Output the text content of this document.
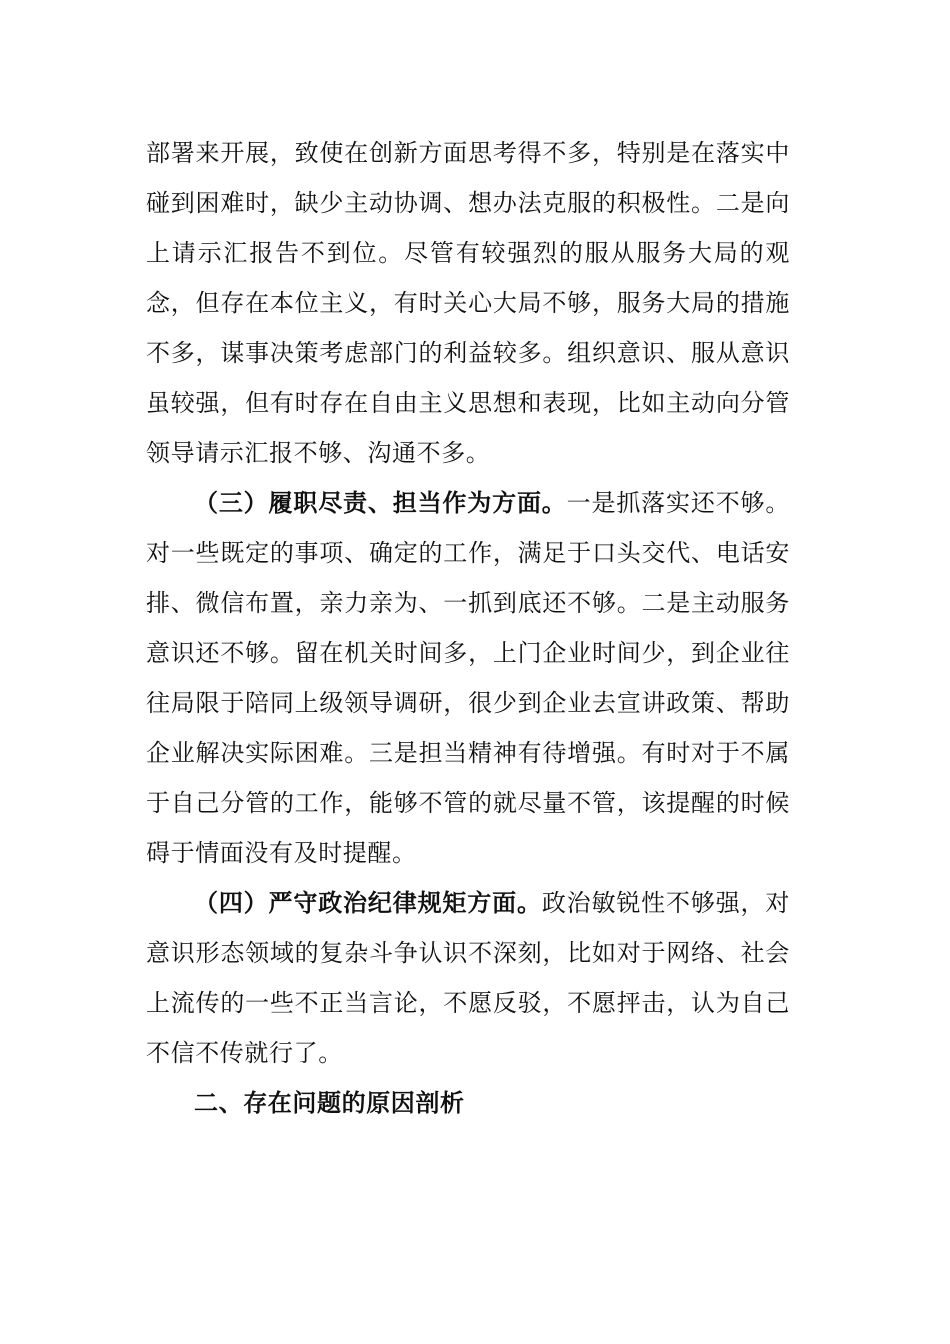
部署来开展，致使在创新方面思考得不多，特别是在落实中碰到困难时，缺少主动协调、想办法克服的积极性。二是向上请示汇报告不到位。尽管有较强烈的服从服务大局的观念，但存在本位主义，有时关心大局不够，服务大局的措施不多，谋事决策考虑部门的利益较多。组织意识、服从意识虽较强，但有时存在自由主义思想和表现，比如主动向分管领导请示汇报不够、沟通不多。

（三）履职尽责、担当作为方面。一是抓落实还不够。对一些既定的事项、确定的工作，满足于口头交代、电话安排、微信布置，亲力亲为、一抓到底还不够。二是主动服务意识还不够。留在机关时间多，上门企业时间少，到企业往往局限于陪同上级领导调研，很少到企业去宣讲政策、帮助企业解决实际困难。三是担当精神有待增强。有时对于不属于自己分管的工作，能够不管的就尽量不管，该提醒的时候碍于情面没有及时提醒。

（四）严守政治纪律规矩方面。政治敏锐性不够强，对意识形态领域的复杂斗争认识不深刻，比如对于网络、社会上流传的一些不正当言论，不愿反驳，不愿抨击，认为自己不信不传就行了。

二、存在问题的原因剖析
